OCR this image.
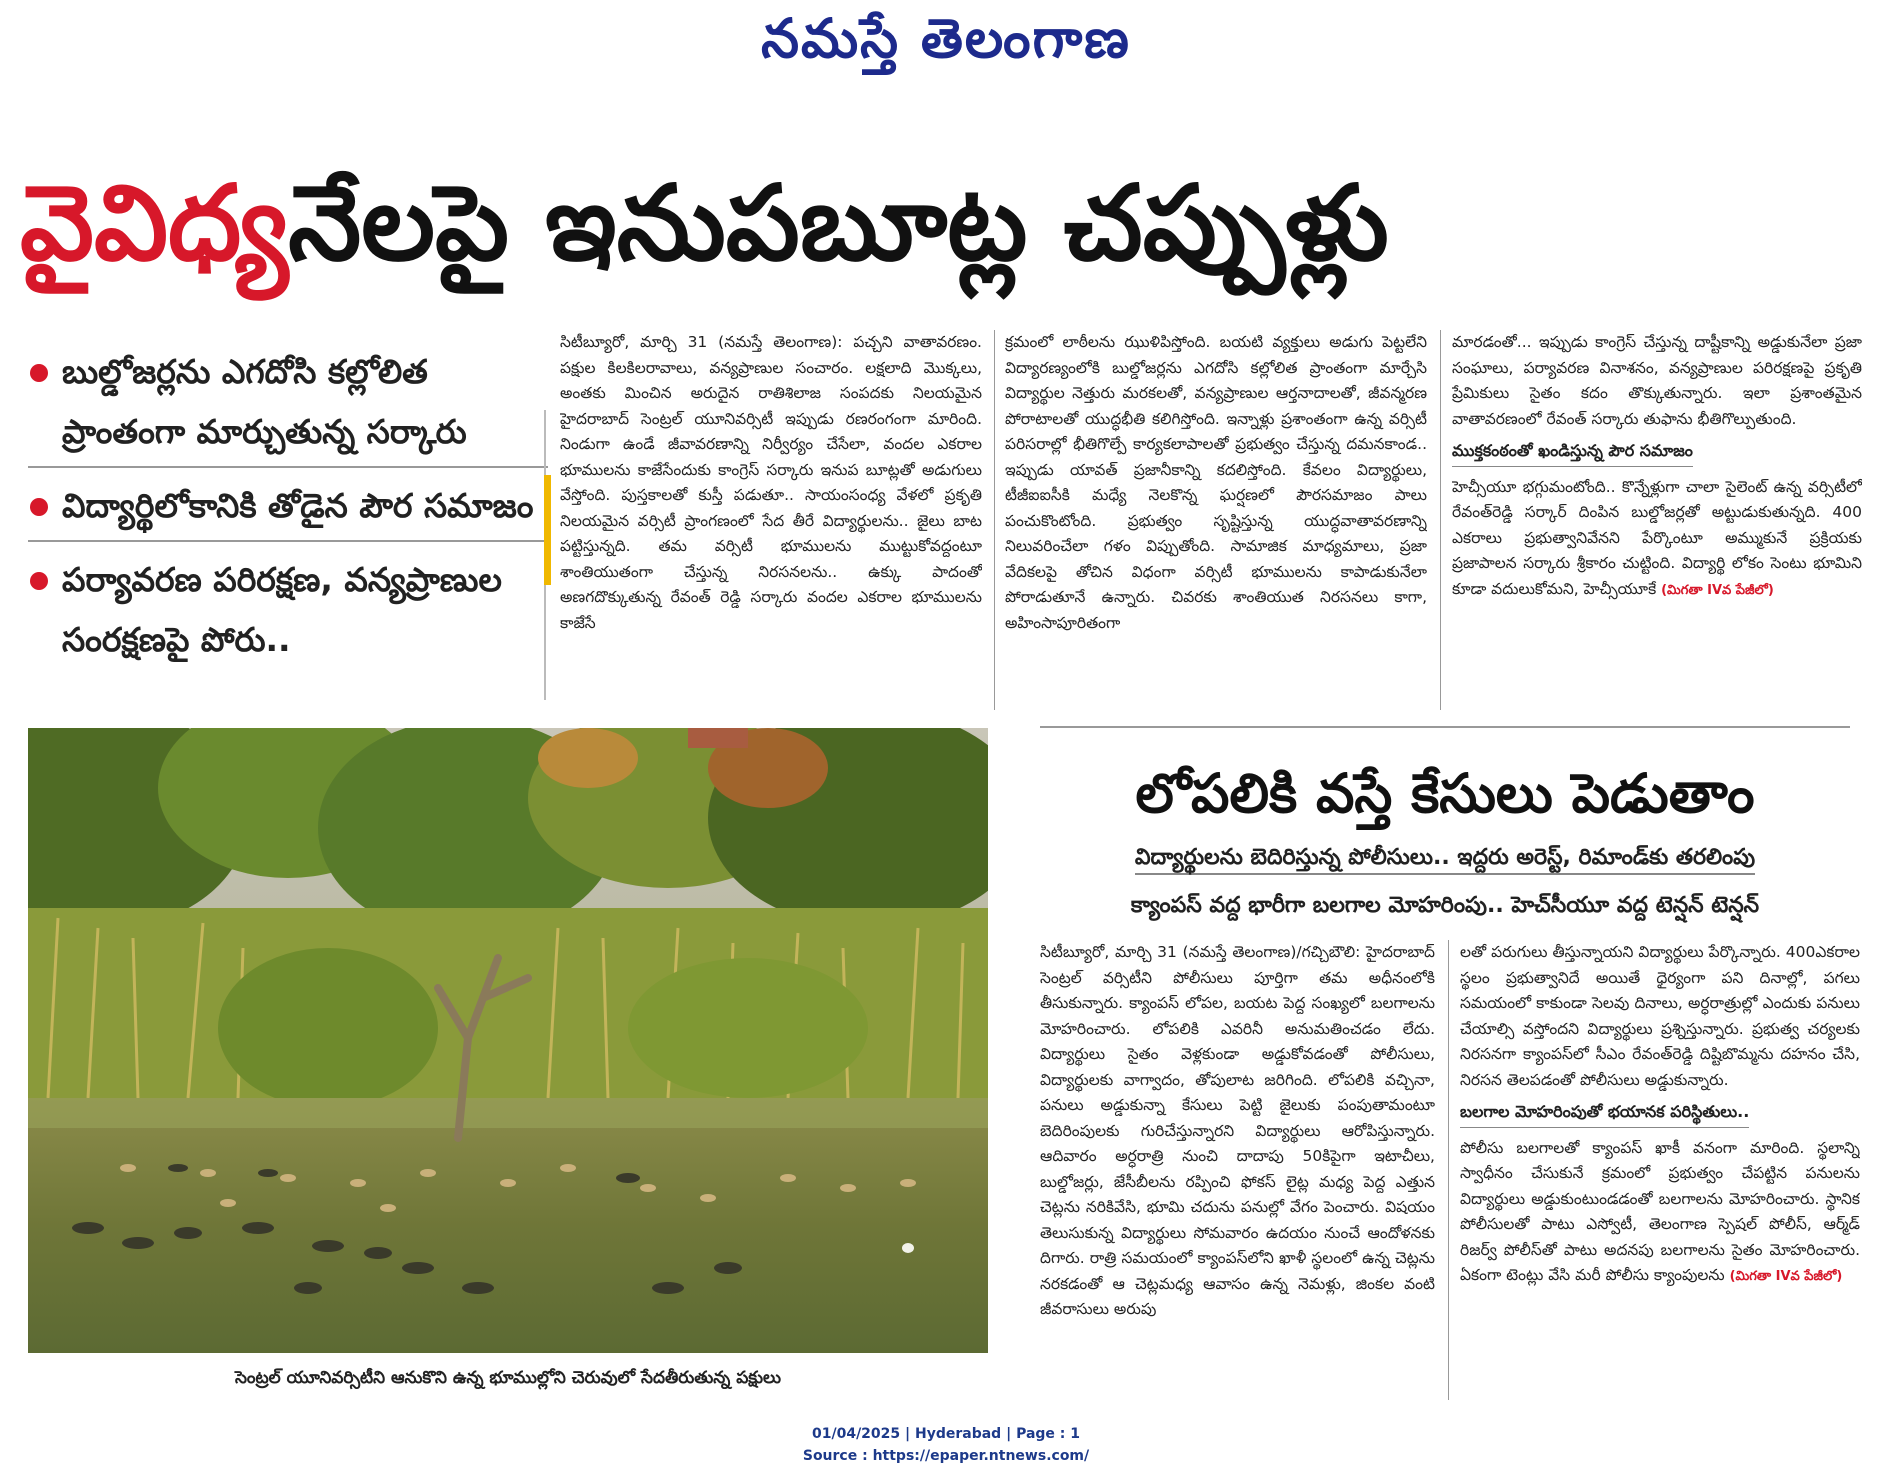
నమస్తే తెలంగాణ
వైవిధ్యనేలపై ఇనుపబూట్ల చప్పుళ్లు
బుల్డోజర్లను ఎగదోసి కల్లోలిత ప్రాంతంగా మార్చుతున్న సర్కారు
విద్యార్థిలోకానికి తోడైన పౌర సమాజం
పర్యావరణ పరిరక్షణ, వన్యప్రాణుల సంరక్షణపై పోరు..

సిటీబ్యూరో, మార్చి 31 (నమస్తే తెలంగాణ): పచ్చని వాతావరణం. పక్షుల కిలకిలరావాలు, వన్యప్రాణుల సంచారం. లక్షలాది మొక్కలు, అంతకు మించిన అరుదైన రాతిశిలాజ సంపదకు నిలయమైన హైదరాబాద్ సెంట్రల్ యూనివర్సిటీ ఇప్పుడు రణరంగంగా మారింది. నిండుగా ఉండే జీవావరణాన్ని నిర్వీర్యం చేసేలా, వందల ఎకరాల భూములను కాజేసేందుకు కాంగ్రెస్ సర్కారు ఇనుప బూట్లతో అడుగులు వేస్తోంది. పుస్తకాలతో కుస్తీ పడుతూ.. సాయంసంధ్య వేళలో ప్రకృతి నిలయమైన వర్సిటీ ప్రాంగణంలో సేద తీరే విద్యార్థులను.. జైలు బాట పట్టిస్తున్నది. తమ వర్సిటీ భూములను ముట్టుకోవద్దంటూ శాంతియుతంగా చేస్తున్న నిరసనలను.. ఉక్కు పాదంతో అణగదొక్కుతున్న రేవంత్ రెడ్డి సర్కారు వందల ఎకరాల భూములను కాజేసే

క్రమంలో లాఠీలను ఝుళిపిస్తోంది. బయటి వ్యక్తులు అడుగు పెట్టలేని విద్యారణ్యంలోకి బుల్డోజర్లను ఎగదోసి కల్లోలిత ప్రాంతంగా మార్చేసి విద్యార్థుల నెత్తురు మరకలతో, వన్యప్రాణుల ఆర్తనాదాలతో, జీవన్మరణ పోరాటాలతో యుద్ధభీతి కలిగిస్తోంది. ఇన్నాళ్లు ప్రశాంతంగా ఉన్న వర్సిటీ పరిసరాల్లో భీతిగొల్పే కార్యకలాపాలతో ప్రభుత్వం చేస్తున్న దమనకాండ.. ఇప్పుడు యావత్ ప్రజానీకాన్ని కదలిస్తోంది. కేవలం విద్యార్థులు, టీజీఐఐసీకి మధ్యే నెలకొన్న ఘర్షణలో పౌరసమాజం పాలు పంచుకొంటోంది. ప్రభుత్వం సృష్టిస్తున్న యుద్ధవాతావరణాన్ని నిలువరించేలా గళం విప్పుతోంది. సామాజిక మాధ్యమాలు, ప్రజా వేదికలపై తోచిన విధంగా వర్సిటీ భూములను కాపాడుకునేలా పోరాడుతూనే ఉన్నారు. చివరకు శాంతియుత నిరసనలు కాగా, అహింసాపూరితంగా

మారడంతో... ఇప్పుడు కాంగ్రెస్ చేస్తున్న దాష్టీకాన్ని అడ్డుకునేలా ప్రజా సంఘాలు, పర్యావరణ వినాశనం, వన్యప్రాణుల పరిరక్షణపై ప్రకృతి ప్రేమికులు సైతం కదం తొక్కుతున్నారు. ఇలా ప్రశాంతమైన వాతావరణంలో రేవంత్ సర్కారు తుఫాను భీతిగొల్పుతుంది.

ముక్తకంఠంతో ఖండిస్తున్న పౌర సమాజం

హెచ్సీయూ భగ్గుమంటోంది.. కొన్నేళ్లుగా చాలా సైలెంట్ ఉన్న వర్సిటీలో రేవంత్‌రెడ్డి సర్కార్ దింపిన బుల్డోజర్లతో అట్టుడుకుతున్నది. 400 ఎకరాలు ప్రభుత్వానివేనని పేర్కొంటూ అమ్ముకునే ప్రక్రియకు ప్రజాపాలన సర్కారు శ్రీకారం చుట్టింది. విద్యార్థి లోకం సెంటు భూమిని కూడా వదులుకోమని, హెచ్సీయూకే (మిగతా IVవ పేజీలో)

సెంట్రల్ యూనివర్సిటీని ఆనుకొని ఉన్న భూముల్లోని చెరువులో సేదతీరుతున్న పక్షులు
లోపలికి వస్తే కేసులు పెడుతాం
విద్యార్థులను బెదిరిస్తున్న పోలీసులు.. ఇద్దరు అరెస్ట్, రిమాండ్‌కు తరలింపు
క్యాంపస్ వద్ద భారీగా బలగాల మోహరింపు.. హెచ్‌సీయూ వద్ద టెన్షన్ టెన్షన్

సిటీబ్యూరో, మార్చి 31 (నమస్తే తెలంగాణ)/గచ్చిబౌలి: హైదరాబాద్ సెంట్రల్ వర్సిటీని పోలీసులు పూర్తిగా తమ అధీనంలోకి తీసుకున్నారు. క్యాంపస్ లోపల, బయట పెద్ద సంఖ్యలో బలగాలను మోహరించారు. లోపలికి ఎవరినీ అనుమతించడం లేదు. విద్యార్థులు సైతం వెళ్లకుండా అడ్డుకోవడంతో పోలీసులు, విద్యార్థులకు వాగ్వాదం, తోపులాట జరిగింది. లోపలికి వచ్చినా, పనులు అడ్డుకున్నా కేసులు పెట్టి జైలుకు పంపుతామంటూ బెదిరింపులకు గురిచేస్తున్నారని విద్యార్థులు ఆరోపిస్తున్నారు. ఆదివారం అర్ధరాత్రి నుంచి దాదాపు 50కిపైగా ఇటాచీలు, బుల్డోజర్లు, జేసీబీలను రప్పించి ఫోకస్ లైట్ల మధ్య పెద్ద ఎత్తున చెట్లను నరికివేసి, భూమి చదును పనుల్లో వేగం పెంచారు. విషయం తెలుసుకున్న విద్యార్థులు సోమవారం ఉదయం నుంచే ఆందోళనకు దిగారు. రాత్రి సమయంలో క్యాంపస్‌లోని ఖాళీ స్థలంలో ఉన్న చెట్లను నరకడంతో ఆ చెట్లమధ్య ఆవాసం ఉన్న నెమళ్లు, జింకల వంటి జీవరాసులు అరుపు

లతో పరుగులు తీస్తున్నాయని విద్యార్థులు పేర్కొన్నారు. 400ఎకరాల స్థలం ప్రభుత్వానిదే అయితే ధైర్యంగా పని దినాల్లో, పగలు సమయంలో కాకుండా సెలవు దినాలు, అర్ధరాత్రుల్లో ఎందుకు పనులు చేయాల్సి వస్తోందని విద్యార్థులు ప్రశ్నిస్తున్నారు. ప్రభుత్వ చర్యలకు నిరసనగా క్యాంపస్‌లో సీఎం రేవంత్‌రెడ్డి దిష్టిబొమ్మను దహనం చేసి, నిరసన తెలపడంతో పోలీసులు అడ్డుకున్నారు.

బలగాల మోహరింపుతో భయానక పరిస్థితులు..

పోలీసు బలగాలతో క్యాంపస్ ఖాకీ వనంగా మారింది. స్థలాన్ని స్వాధీనం చేసుకునే క్రమంలో ప్రభుత్వం చేపట్టిన పనులను విద్యార్థులు అడ్డుకుంటుండడంతో బలగాలను మోహరించారు. స్థానిక పోలీసులతో పాటు ఎస్వోటీ, తెలంగాణ స్పెషల్ పోలీస్, ఆర్మ్‌డ్ రిజర్వ్ పోలీస్‌తో పాటు అదనపు బలగాలను సైతం మోహరించారు. ఏకంగా టెంట్లు వేసి మరీ పోలీసు క్యాంపులను (మిగతా IVవ పేజీలో)

01/04/2025 | Hyderabad | Page : 1
Source : https://epaper.ntnews.com/
